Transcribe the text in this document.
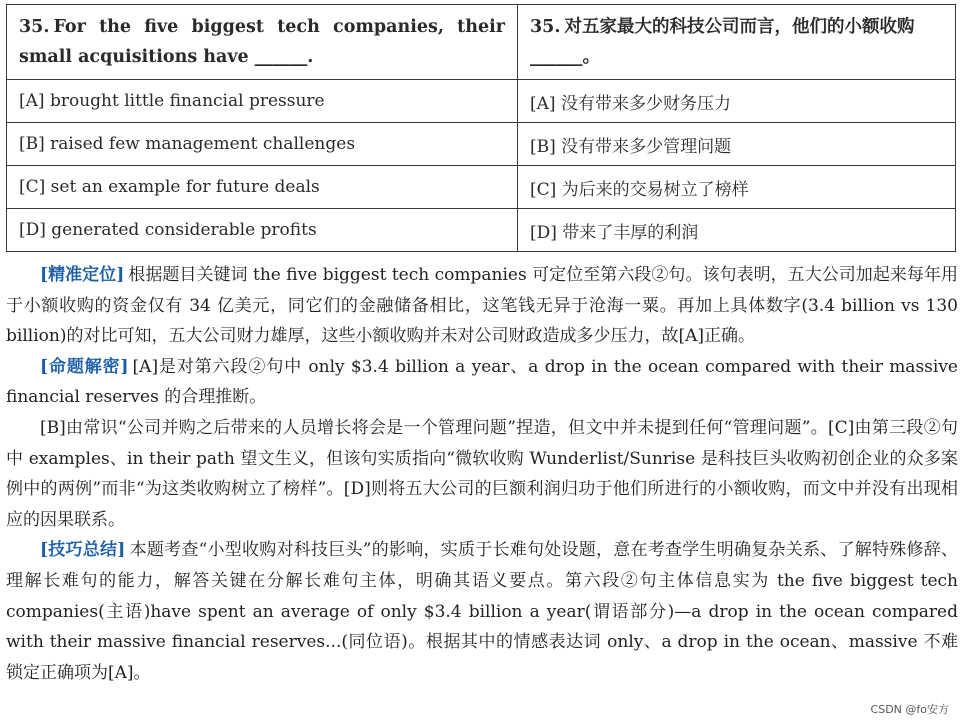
35. For the five biggest tech companies, their small acquisitions have ______.	35. 对五家最大的科技公司而言，他们的小额收购______。
[A] brought little financial pressure	[A] 没有带来多少财务压力
[B] raised few management challenges	[B] 没有带来多少管理问题
[C] set an example for future deals	[C] 为后来的交易树立了榜样
[D] generated considerable profits	[D] 带来了丰厚的利润

[精准定位] 根据题目关键词 the five biggest tech companies 可定位至第六段②句。该句表明，五大公司加起来每年用于小额收购的资金仅有 34 亿美元，同它们的金融储备相比，这笔钱无异于沧海一粟。再加上具体数字(3.4 billion vs 130 billion)的对比可知，五大公司财力雄厚，这些小额收购并未对公司财政造成多少压力，故[A]正确。

[命题解密] [A]是对第六段②句中 only $3.4 billion a year、a drop in the ocean compared with their massive financial reserves 的合理推断。

[B]由常识“公司并购之后带来的人员增长将会是一个管理问题”捏造，但文中并未提到任何“管理问题”。[C]由第三段②句中 examples、in their path 望文生义，但该句实质指向“微软收购 Wunderlist/Sunrise 是科技巨头收购初创企业的众多案例中的两例”而非“为这类收购树立了榜样”。[D]则将五大公司的巨额利润归功于他们所进行的小额收购，而文中并没有出现相应的因果联系。

[技巧总结] 本题考查“小型收购对科技巨头”的影响，实质于长难句处设题，意在考查学生明确复杂关系、了解特殊修辞、理解长难句的能力，解答关键在分解长难句主体，明确其语义要点。第六段②句主体信息实为 the five biggest tech companies(主语)have spent an average of only $3.4 billion a year(谓语部分)—a drop in the ocean compared with their massive financial reserves...(同位语)。根据其中的情感表达词 only、a drop in the ocean、massive 不难锁定正确项为[A]。

CSDN @fo安方
